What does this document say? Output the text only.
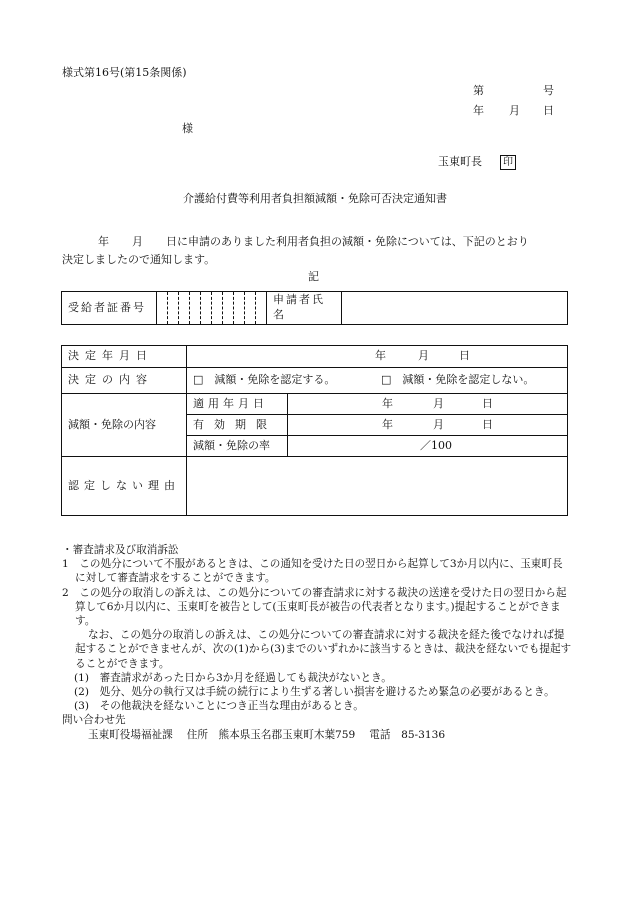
様式第16号(第15条関係)
第	号
年 月 日
様
玉東町長 印
介護給付費等利用者負担額減額・免除可否決定通知書
年 月 日に申請のありました利用者負担の減額・免除については、下記のとおり
決定しましたので通知します。
記
受給者証番号											申請者氏名	
決定年月日	年 月 日	
決定の内容	□　減額・免除を認定する。 □　減額・免除を認定しない。	
減額・免除の内容	適用年月日	年 月 日
	有効期限	年 月 日
	減額・免除の率	／100
認定しない理由		

・審査請求及び取消訴訟

1　この処分について不服があるときは、この通知を受けた日の翌日から起算して3か月以内に、玉東町長に対して審査請求をすることができます。

2　この処分の取消しの訴えは、この処分についての審査請求に対する裁決の送達を受けた日の翌日から起算して6か月以内に、玉東町を被告として(玉東町長が被告の代表者となります。)提起することができます。

なお、この処分の取消しの訴えは、この処分についての審査請求に対する裁決を経た後でなければ提起することができませんが、次の(1)から(3)までのいずれかに該当するときは、裁決を経ないでも提起することができます。

(1)　審査請求があった日から3か月を経過しても裁決がないとき。

(2)　処分、処分の執行又は手続の続行により生ずる著しい損害を避けるため緊急の必要があるとき。

(3)　その他裁決を経ないことにつき正当な理由があるとき。

問い合わせ先

玉東町役場福祉課 住所　熊本県玉名郡玉東町木葉759 電話　85-3136
